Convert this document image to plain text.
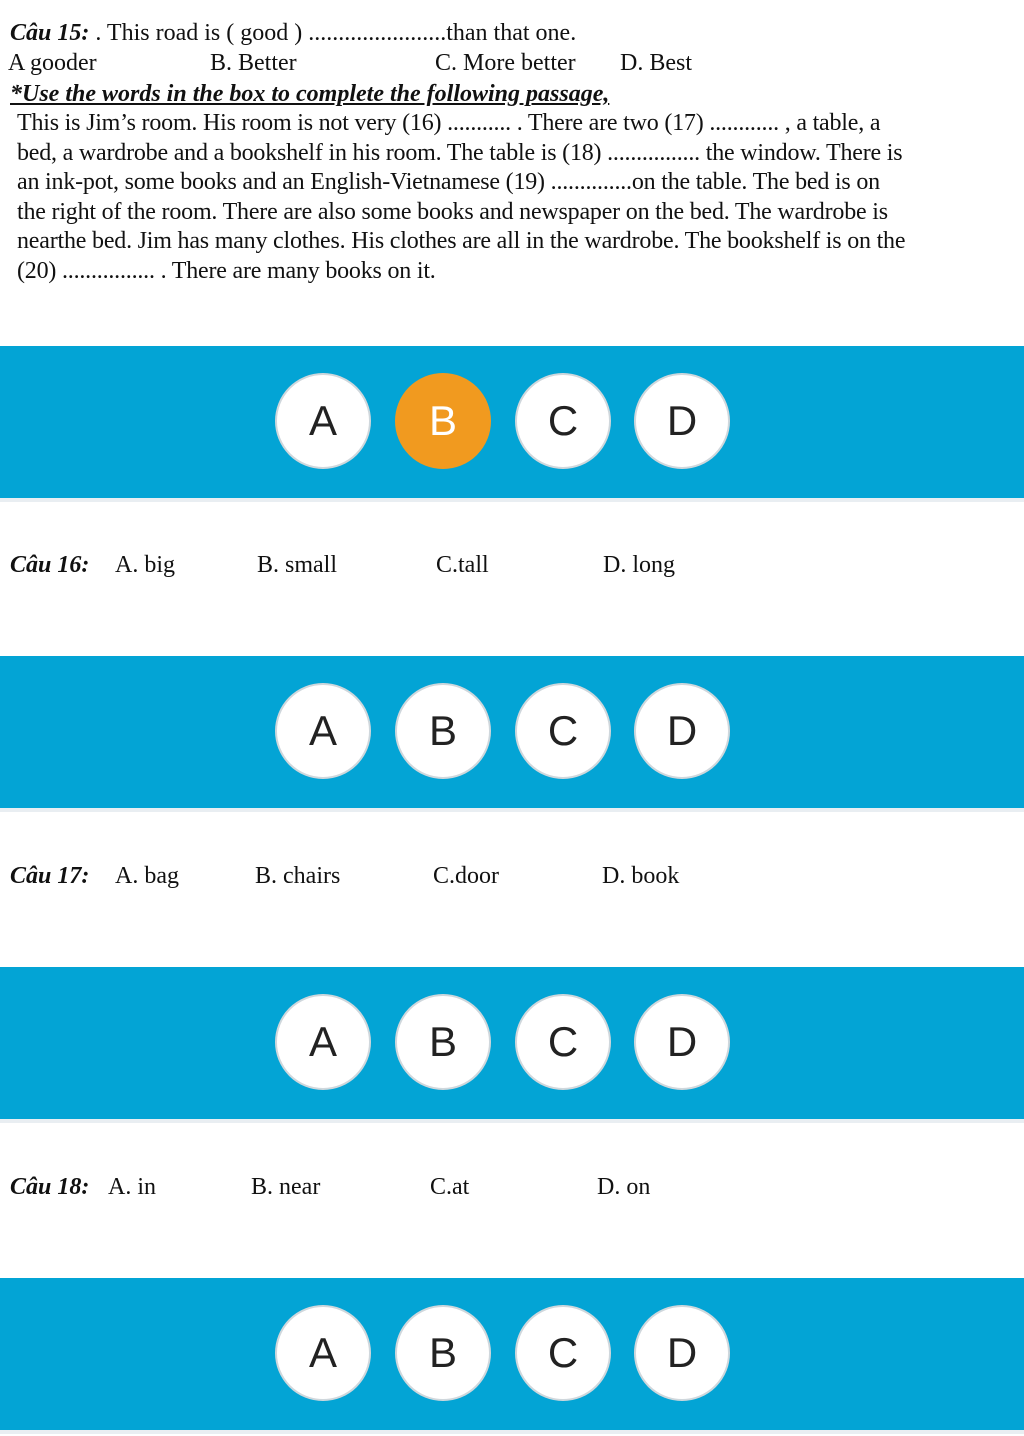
Câu 15: . This road is ( good ) .......................than that one.
A gooder	B. Better	C. More better D. Best
*Use the words in the box to complete the following passage,
This is Jim’s room. His room is not very (16) ........... . There are two (17) ............ , a table, a
bed, a wardrobe and a bookshelf in his room. The table is (18) ................ the window. There is
an ink-pot, some books and an English-Vietnamese (19) ..............on the table. The bed is on
the right of the room. There are also some books and newspaper on the bed. The wardrobe is
nearthe bed. Jim has many clothes. His clothes are all in the wardrobe. The bookshelf is on the
(20) ................ . There are many books on it.
A	B	C	D
Câu 16: A. big	B. small	C.tall	D. long
A	B	C	D
Câu 17: A. bag	B. chairs	C.door	D. book
A	B	C	D
Câu 18: A. in	B. near	C.at	D. on
A	B	C	D
